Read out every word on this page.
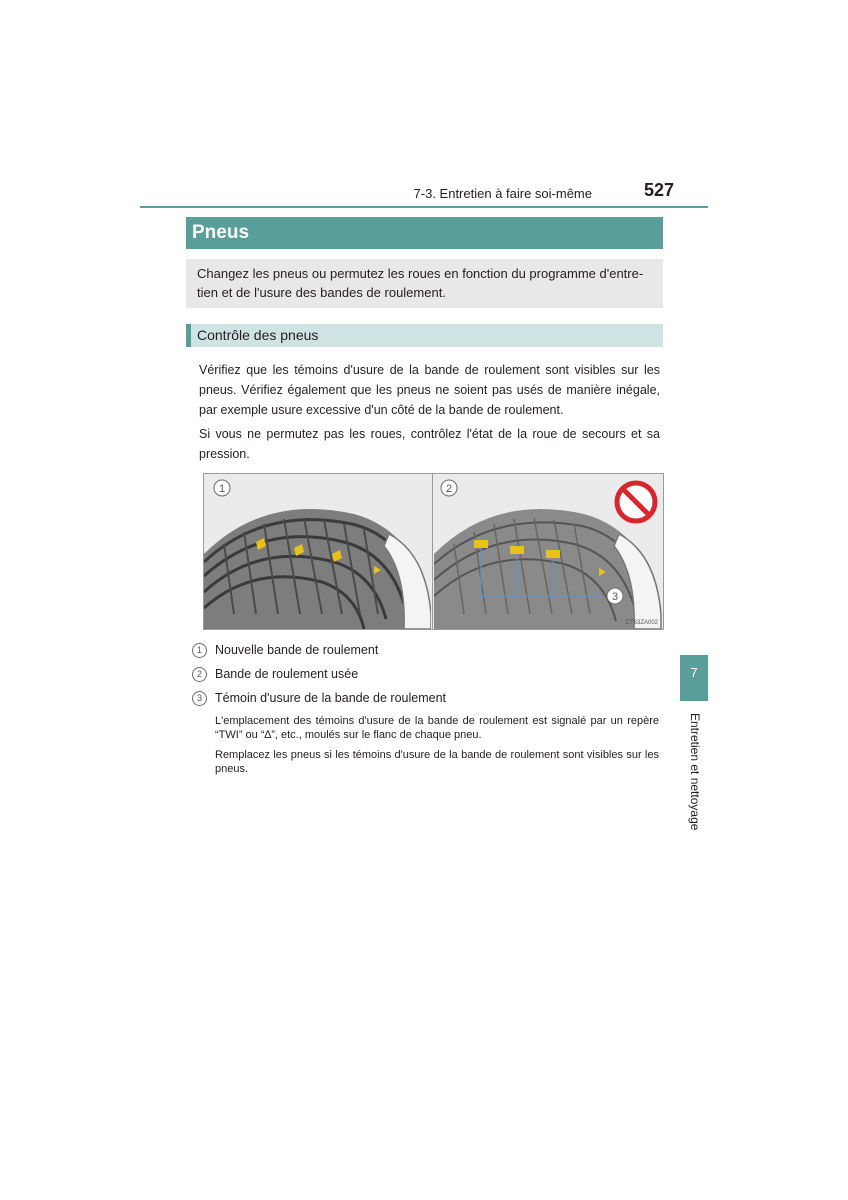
7-3. Entretien à faire soi-même	527
Pneus
Changez les pneus ou permutez les roues en fonction du programme d'entre-tien et de l'usure des bandes de roulement.
Contrôle des pneus
Vérifiez que les témoins d'usure de la bande de roulement sont visibles sur les pneus. Vérifiez également que les pneus ne soient pas usés de manière inégale, par exemple usure excessive d'un côté de la bande de roulement.
Si vous ne permutez pas les roues, contrôlez l'état de la roue de secours et sa pression.
1	2
3
CT63ZA002
1 Nouvelle bande de roulement
2 Bande de roulement usée
3 Témoin d'usure de la bande de roulement
L'emplacement des témoins d'usure de la bande de roulement est signalé par un repère “TWI” ou “∆”, etc., moulés sur le flanc de chaque pneu.
Remplacez les pneus si les témoins d'usure de la bande de roulement sont visibles sur les pneus.
7
Entretien et nettoyage
